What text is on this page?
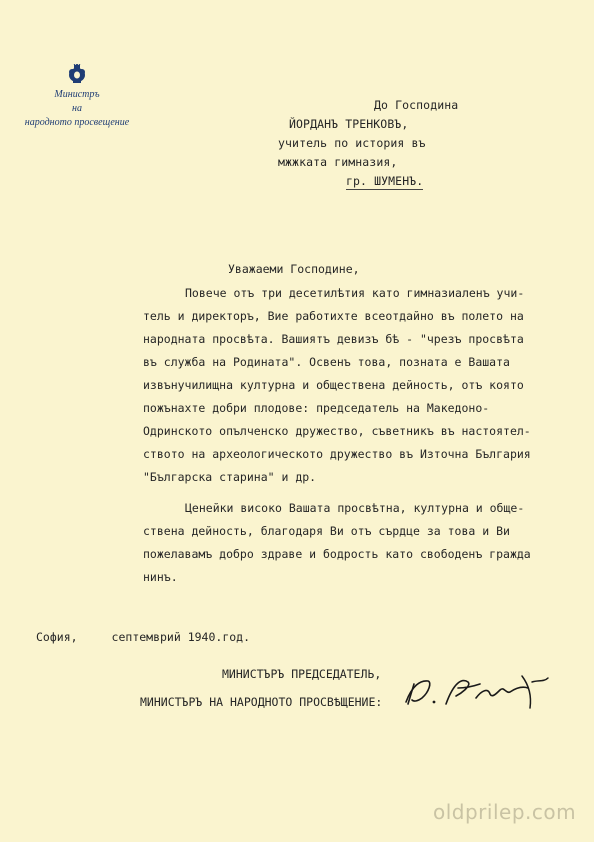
Министръ
на
народното просвещение
До Господина
ЙОРДАНЪ ТРЕНКОВЪ,
учитель по история въ
мжжката гимназия,
гр. ШУМЕНЪ.
Уважаеми Господине,
Повече отъ три десетилѣтия като гимназиаленъ учи-
тель и директоръ, Вие работихте всеотдайно въ полето на
народната просвѣта. Вашиятъ девизъ бѣ - "чрезъ просвѣта
въ служба на Родината". Освенъ това, позната е Вашата
извънучилищна културна и обществена дейность, отъ която
пожънахте добри плодове: председатель на Македоно-
Одринското опълченско дружество, съветникъ въ настоятел-
ството на археологическото дружество въ Източна България
"Българска старина" и др.
Ценейки високо Вашата просвѣтна, културна и обще-
ствена дейность, благодаря Ви отъ сърдце за това и Ви
пожелавамъ добро здраве и бодрость като свободенъ гражда
нинъ.
София,	септемврий 1940.год.
МИНИСТЪРЪ ПРЕДСЕДАТЕЛЬ,
МИНИСТЪРЪ НА НАРОДНОТО ПРОСВѢЩЕНИЕ:
oldprilep.com
